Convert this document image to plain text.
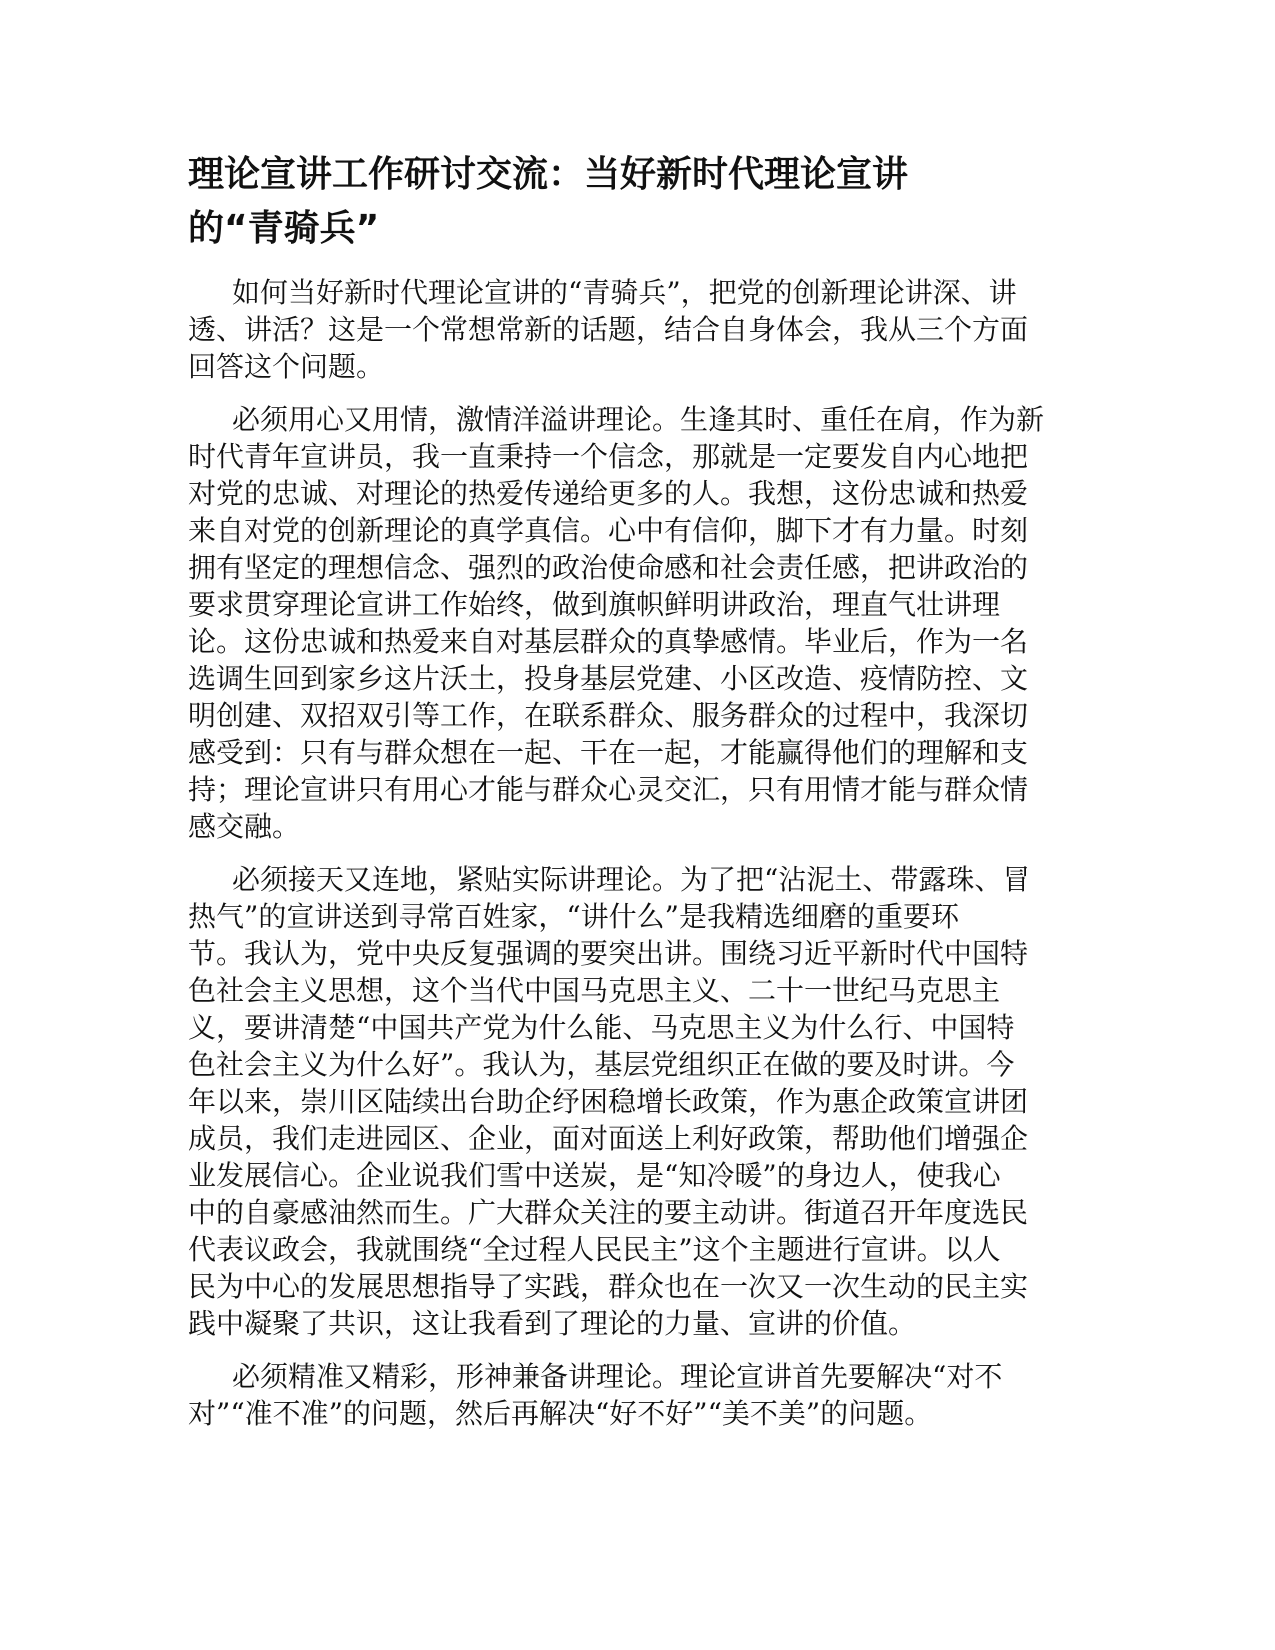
理论宣讲工作研讨交流：当好新时代理论宣讲
的“青骑兵”
如何当好新时代理论宣讲的“青骑兵”，把党的创新理论讲深、讲
透、讲活？这是一个常想常新的话题，结合自身体会，我从三个方面
回答这个问题。
必须用心又用情，激情洋溢讲理论。生逢其时、重任在肩，作为新
时代青年宣讲员，我一直秉持一个信念，那就是一定要发自内心地把
对党的忠诚、对理论的热爱传递给更多的人。我想，这份忠诚和热爱
来自对党的创新理论的真学真信。心中有信仰，脚下才有力量。时刻
拥有坚定的理想信念、强烈的政治使命感和社会责任感，把讲政治的
要求贯穿理论宣讲工作始终，做到旗帜鲜明讲政治，理直气壮讲理
论。这份忠诚和热爱来自对基层群众的真挚感情。毕业后，作为一名
选调生回到家乡这片沃土，投身基层党建、小区改造、疫情防控、文
明创建、双招双引等工作，在联系群众、服务群众的过程中，我深切
感受到：只有与群众想在一起、干在一起，才能赢得他们的理解和支
持；理论宣讲只有用心才能与群众心灵交汇，只有用情才能与群众情
感交融。
必须接天又连地，紧贴实际讲理论。为了把“沾泥土、带露珠、冒
热气”的宣讲送到寻常百姓家，“讲什么”是我精选细磨的重要环
节。我认为，党中央反复强调的要突出讲。围绕习近平新时代中国特
色社会主义思想，这个当代中国马克思主义、二十一世纪马克思主
义，要讲清楚“中国共产党为什么能、马克思主义为什么行、中国特
色社会主义为什么好”。我认为，基层党组织正在做的要及时讲。今
年以来，崇川区陆续出台助企纾困稳增长政策，作为惠企政策宣讲团
成员，我们走进园区、企业，面对面送上利好政策，帮助他们增强企
业发展信心。企业说我们雪中送炭，是“知冷暖”的身边人，使我心
中的自豪感油然而生。广大群众关注的要主动讲。街道召开年度选民
代表议政会，我就围绕“全过程人民民主”这个主题进行宣讲。以人
民为中心的发展思想指导了实践，群众也在一次又一次生动的民主实
践中凝聚了共识，这让我看到了理论的力量、宣讲的价值。
必须精准又精彩，形神兼备讲理论。理论宣讲首先要解决“对不
对”“准不准”的问题，然后再解决“好不好”“美不美”的问题。
